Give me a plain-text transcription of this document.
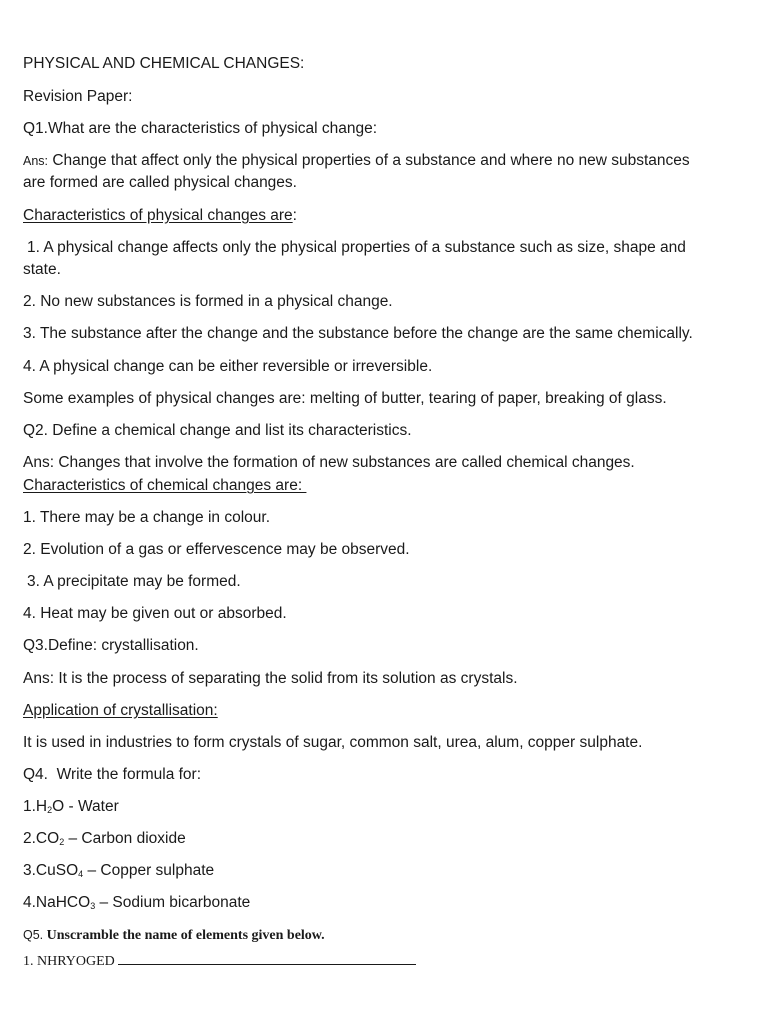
PHYSICAL AND CHEMICAL CHANGES:
Revision Paper:
Q1.What are the characteristics of physical change:
Ans: Change that affect only the physical properties of a substance and where no new substances
are formed are called physical changes.
Characteristics of physical changes are:
1. A physical change affects only the physical properties of a substance such as size, shape and
state.
2. No new substances is formed in a physical change.
3. The substance after the change and the substance before the change are the same chemically.
4. A physical change can be either reversible or irreversible.
Some examples of physical changes are: melting of butter, tearing of paper, breaking of glass.
Q2. Define a chemical change and list its characteristics.
Ans: Changes that involve the formation of new substances are called chemical changes.
Characteristics of chemical changes are:
1. There may be a change in colour.
2. Evolution of a gas or effervescence may be observed.
3. A precipitate may be formed.
4. Heat may be given out or absorbed.
Q3.Define: crystallisation.
Ans: It is the process of separating the solid from its solution as crystals.
Application of crystallisation:
It is used in industries to form crystals of sugar, common salt, urea, alum, copper sulphate.
Q4.  Write the formula for:
$1.H_2O$ - Water
$2.CO_2$ – Carbon dioxide
3.CuSO$_4$ – Copper sulphate
4.NaHCO$_3$ – Sodium bicarbonate
Q5. Unscramble the name of elements given below.
1. NHRYOGED
